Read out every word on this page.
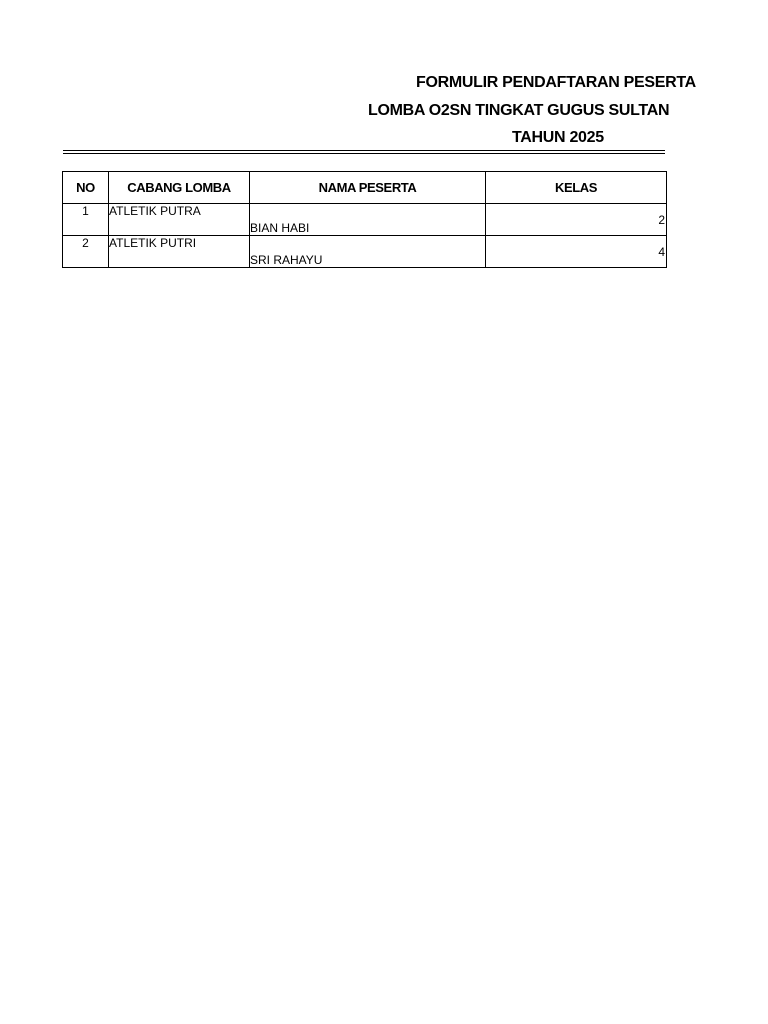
FORMULIR PENDAFTARAN PESERTA
LOMBA O2SN TINGKAT GUGUS SULTAN
TAHUN 2025
NO	CABANG LOMBA	NAMA PESERTA	KELAS
1	ATLETIK PUTRA	BIAN HABI	2
2	ATLETIK PUTRI	SRI RAHAYU	4
